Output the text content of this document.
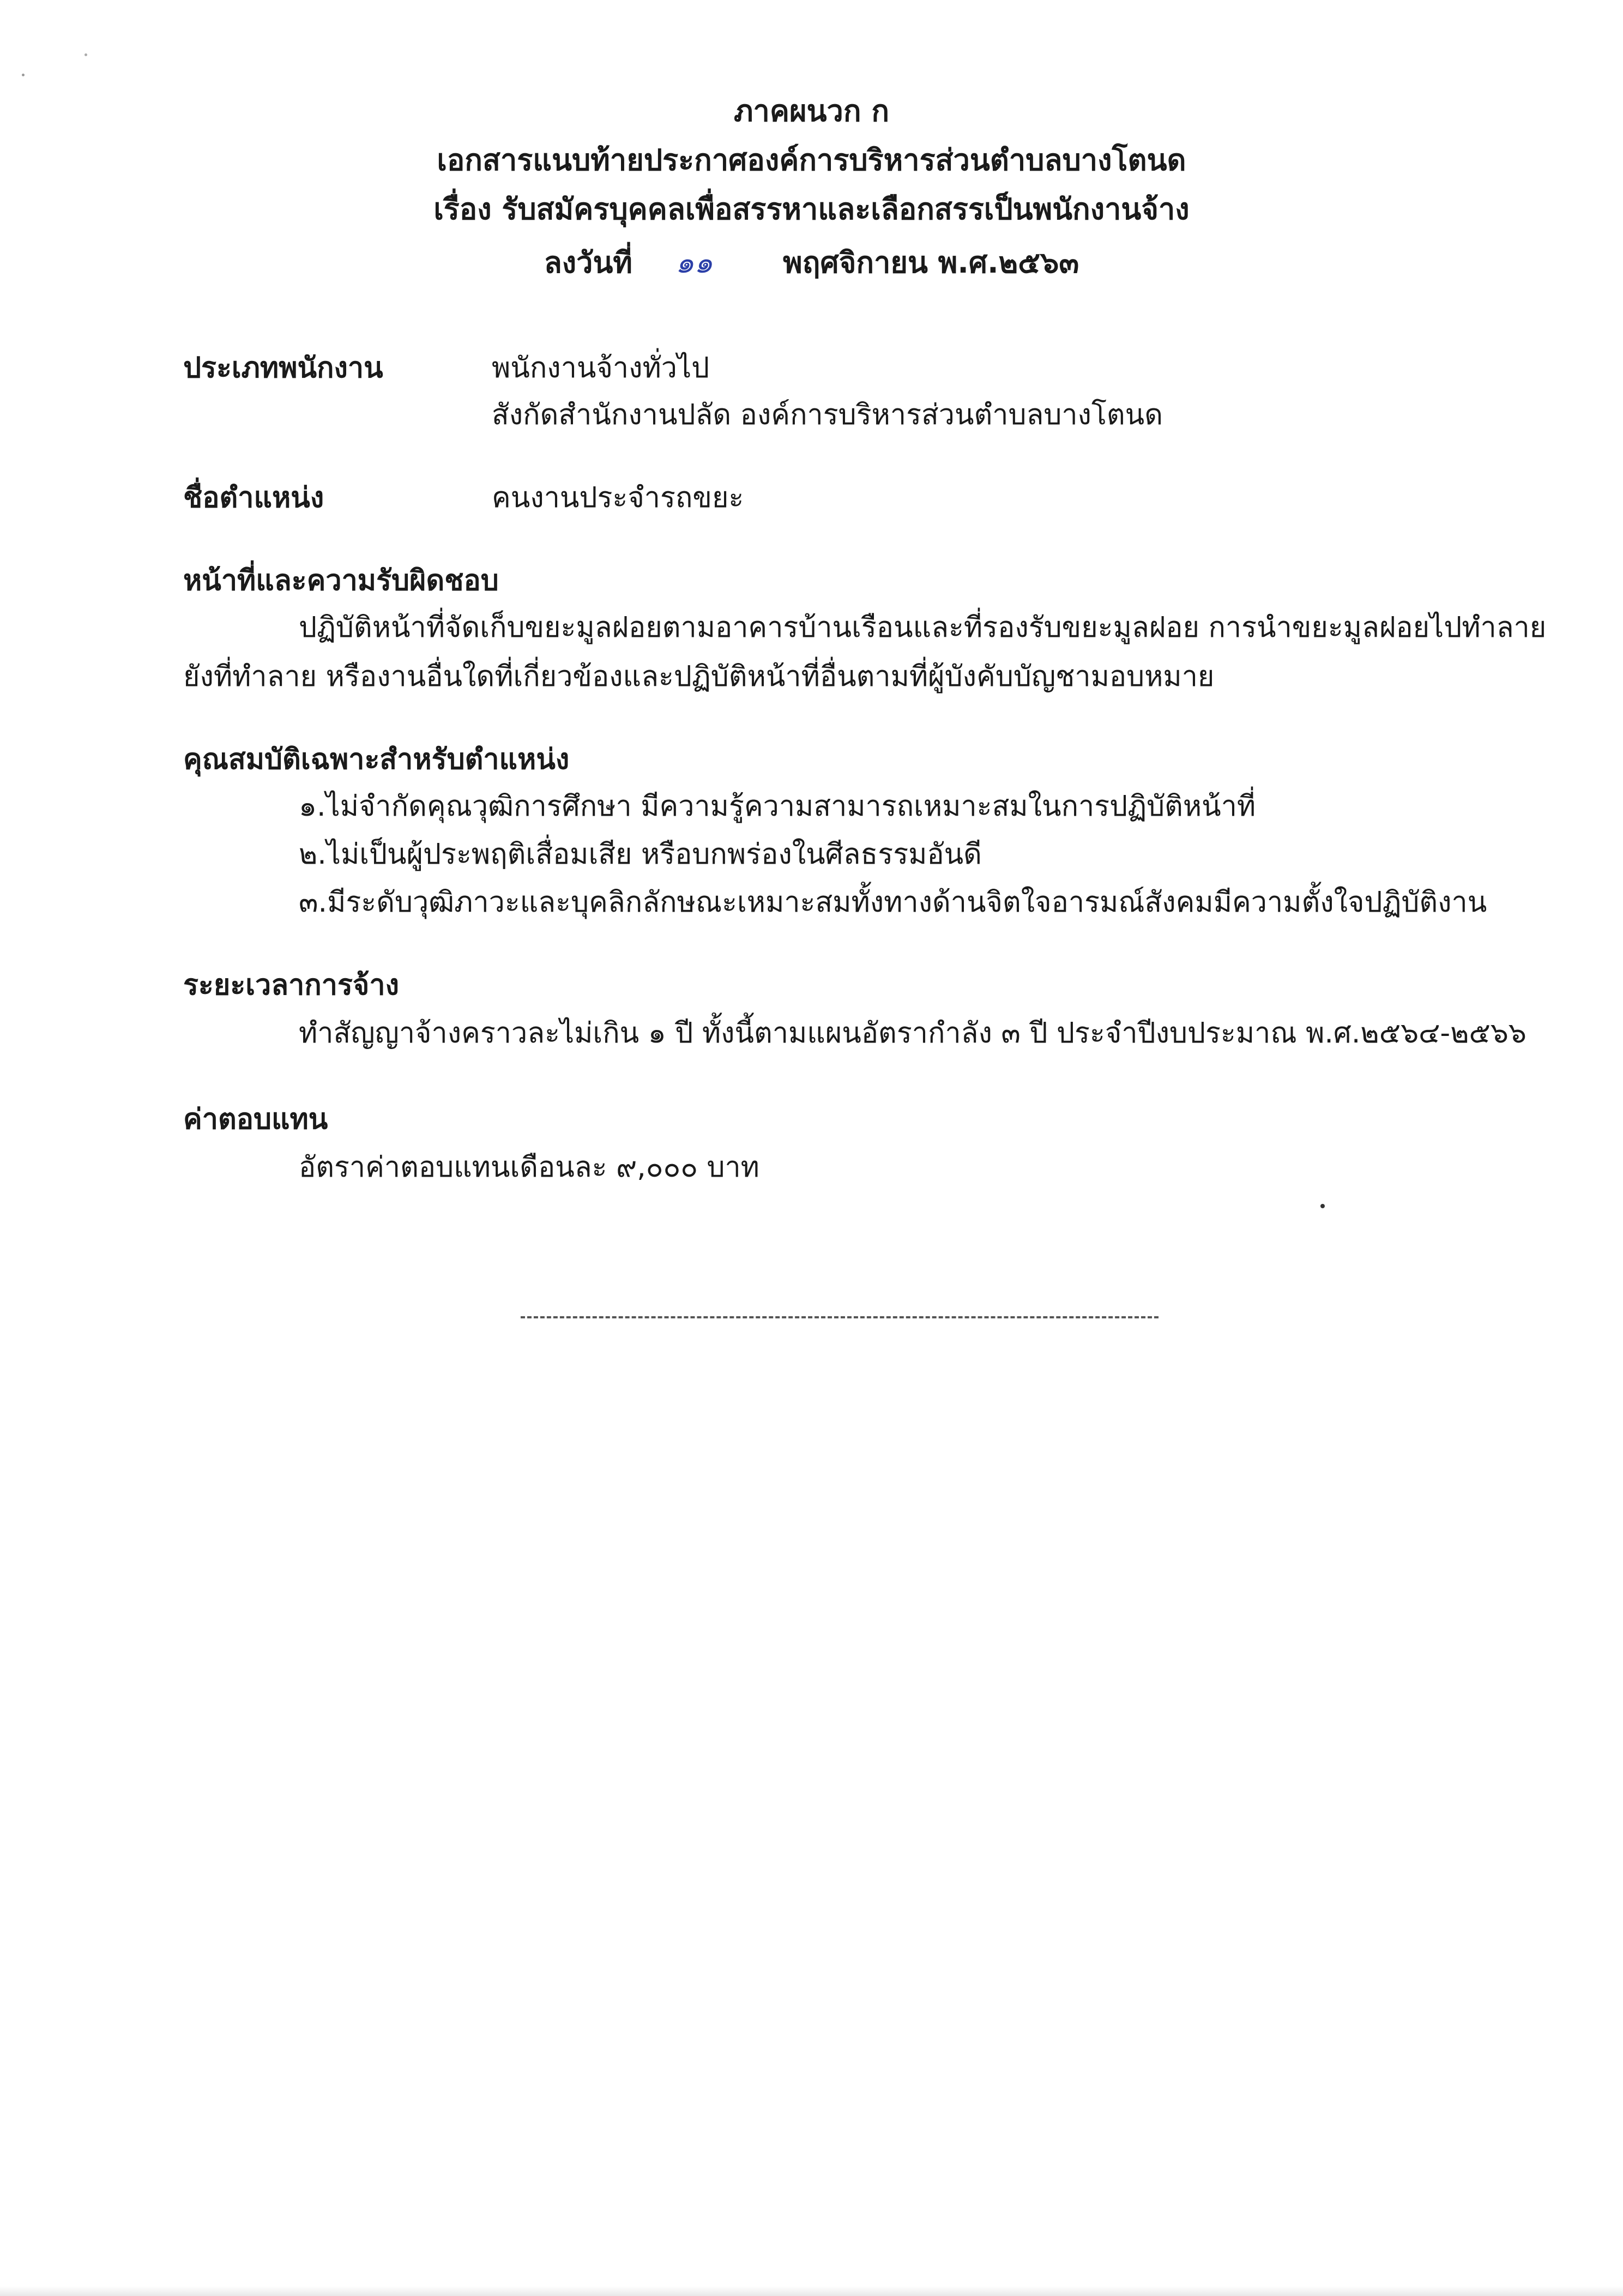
ภาคผนวก ก
เอกสารแนบท้ายประกาศองค์การบริหารส่วนตำบลบางโตนด
เรื่อง รับสมัครบุคคลเพื่อสรรหาและเลือกสรรเป็นพนักงานจ้าง
ลงวันที่ ๑๑ พฤศจิกายน พ.ศ.๒๕๖๓
ประเภทพนักงาน	พนักงานจ้างทั่วไป
สังกัดสำนักงานปลัด องค์การบริหารส่วนตำบลบางโตนด
ชื่อตำแหน่ง	คนงานประจำรถขยะ
หน้าที่และความรับผิดชอบ
ปฏิบัติหน้าที่จัดเก็บขยะมูลฝอยตามอาคารบ้านเรือนและที่รองรับขยะมูลฝอย การนำขยะมูลฝอยไปทำลาย
ยังที่ทำลาย หรืองานอื่นใดที่เกี่ยวข้องและปฏิบัติหน้าที่อื่นตามที่ผู้บังคับบัญชามอบหมาย
คุณสมบัติเฉพาะสำหรับตำแหน่ง
๑.ไม่จำกัดคุณวุฒิการศึกษา มีความรู้ความสามารถเหมาะสมในการปฏิบัติหน้าที่
๒.ไม่เป็นผู้ประพฤติเสื่อมเสีย หรือบกพร่องในศีลธรรมอันดี
๓.มีระดับวุฒิภาวะและบุคลิกลักษณะเหมาะสมทั้งทางด้านจิตใจอารมณ์สังคมมีความตั้งใจปฏิบัติงาน
ระยะเวลาการจ้าง
ทำสัญญาจ้างคราวละไม่เกิน ๑ ปี ทั้งนี้ตามแผนอัตรากำลัง ๓ ปี ประจำปีงบประมาณ พ.ศ.๒๕๖๔-๒๕๖๖
ค่าตอบแทน
อัตราค่าตอบแทนเดือนละ ๙,๐๐๐ บาท
